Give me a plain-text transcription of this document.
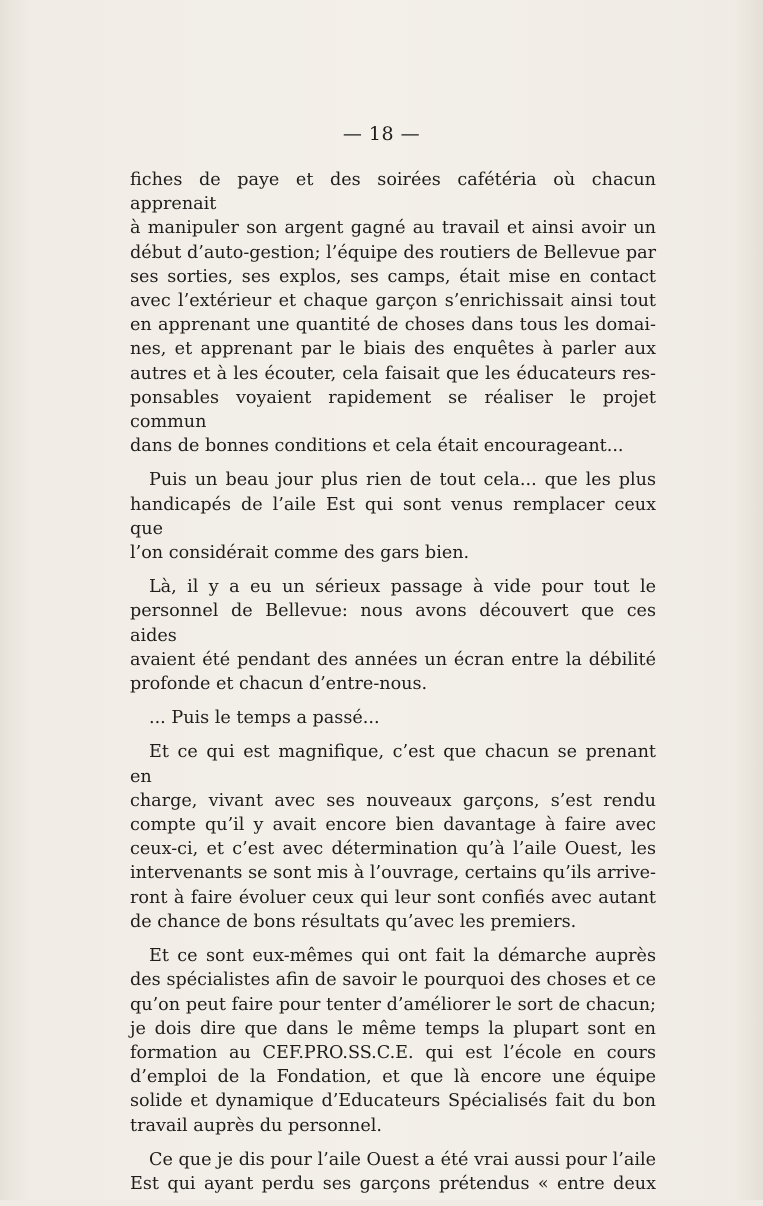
— 18 —
fiches de paye et des soirées cafétéria où chacun apprenait
à manipuler son argent gagné au travail et ainsi avoir un
début d’auto-gestion; l’équipe des routiers de Bellevue par
ses sorties, ses explos, ses camps, était mise en contact
avec l’extérieur et chaque garçon s’enrichissait ainsi tout
en apprenant une quantité de choses dans tous les domai-
nes, et apprenant par le biais des enquêtes à parler aux
autres et à les écouter, cela faisait que les éducateurs res-
ponsables voyaient rapidement se réaliser le projet commun
dans de bonnes conditions et cela était encourageant...
Puis un beau jour plus rien de tout cela... que les plus
handicapés de l’aile Est qui sont venus remplacer ceux que
l’on considérait comme des gars bien.
Là, il y a eu un sérieux passage à vide pour tout le
personnel de Bellevue: nous avons découvert que ces aides
avaient été pendant des années un écran entre la débilité
profonde et chacun d’entre-nous.
... Puis le temps a passé...
Et ce qui est magnifique, c’est que chacun se prenant en
charge, vivant avec ses nouveaux garçons, s’est rendu
compte qu’il y avait encore bien davantage à faire avec
ceux-ci, et c’est avec détermination qu’à l’aile Ouest, les
intervenants se sont mis à l’ouvrage, certains qu’ils arrive-
ront à faire évoluer ceux qui leur sont confiés avec autant
de chance de bons résultats qu’avec les premiers.
Et ce sont eux-mêmes qui ont fait la démarche auprès
des spécialistes afin de savoir le pourquoi des choses et ce
qu’on peut faire pour tenter d’améliorer le sort de chacun;
je dois dire que dans le même temps la plupart sont en
formation au CEF.PRO.SS.C.E. qui est l’école en cours
d’emploi de la Fondation, et que là encore une équipe
solide et dynamique d’Educateurs Spécialisés fait du bon
travail auprès du personnel.
Ce que je dis pour l’aile Ouest a été vrai aussi pour l’aile
Est qui ayant perdu ses garçons prétendus « entre deux
